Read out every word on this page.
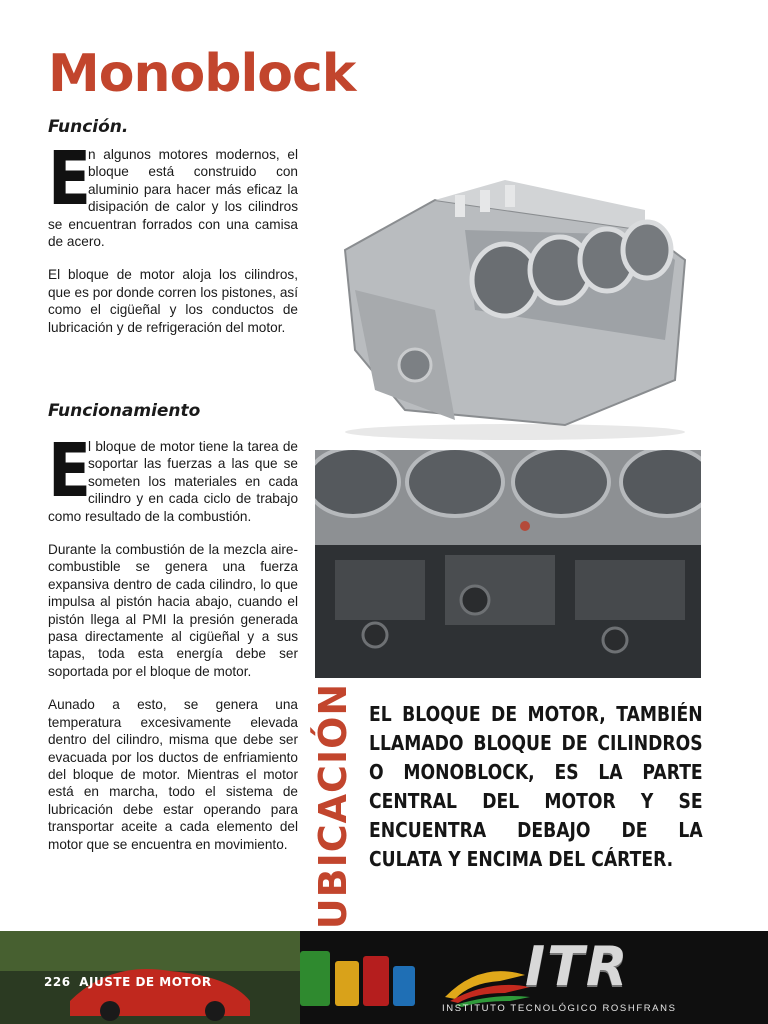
Monoblock
Función.

E
n algunos motores modernos, el bloque está construido con aluminio para hacer más eficaz la disipación de calor y los cilindros se encuentran forrados con una camisa de acero.

El bloque de motor aloja los cilindros, que es por donde corren los pistones, así como el cigüeñal y los conductos de lubricación y de refrigeración del motor.

Funcionamiento

E
l bloque de motor tiene la tarea de soportar las fuerzas a las que se someten los materiales en cada cilindro y en cada ciclo de trabajo como resultado de la combustión.

Durante la combustión de la mezcla aire-combustible se genera una fuerza expansiva dentro de cada cilindro, lo que impulsa al pistón hacia abajo, cuando el pistón llega al PMI la presión generada pasa directamente al cigüeñal y a sus tapas, toda esta energía debe ser soportada por el bloque de motor.

Aunado a esto, se genera una temperatura excesivamente elevada dentro del cilindro, misma que debe ser evacuada por los ductos de enfriamiento del bloque de motor. Mientras el motor está en marcha, todo el sistema de lubricación debe estar operando para transportar aceite a cada elemento del motor que se encuentra en movimiento. UBICACIÓN EL BLOQUE DE MOTOR, TAMBIÉN LLAMADO BLOQUE DE CILINDROS O MONOBLOCK, ES LA PARTE CENTRAL DEL MOTOR Y SE ENCUENTRA DEBAJO DE LA CULATA Y ENCIMA DEL CÁRTER.

226 AJUSTE DE MOTOR	ITR
INSTITUTO TECNOLÓGICO ROSHFRANS
